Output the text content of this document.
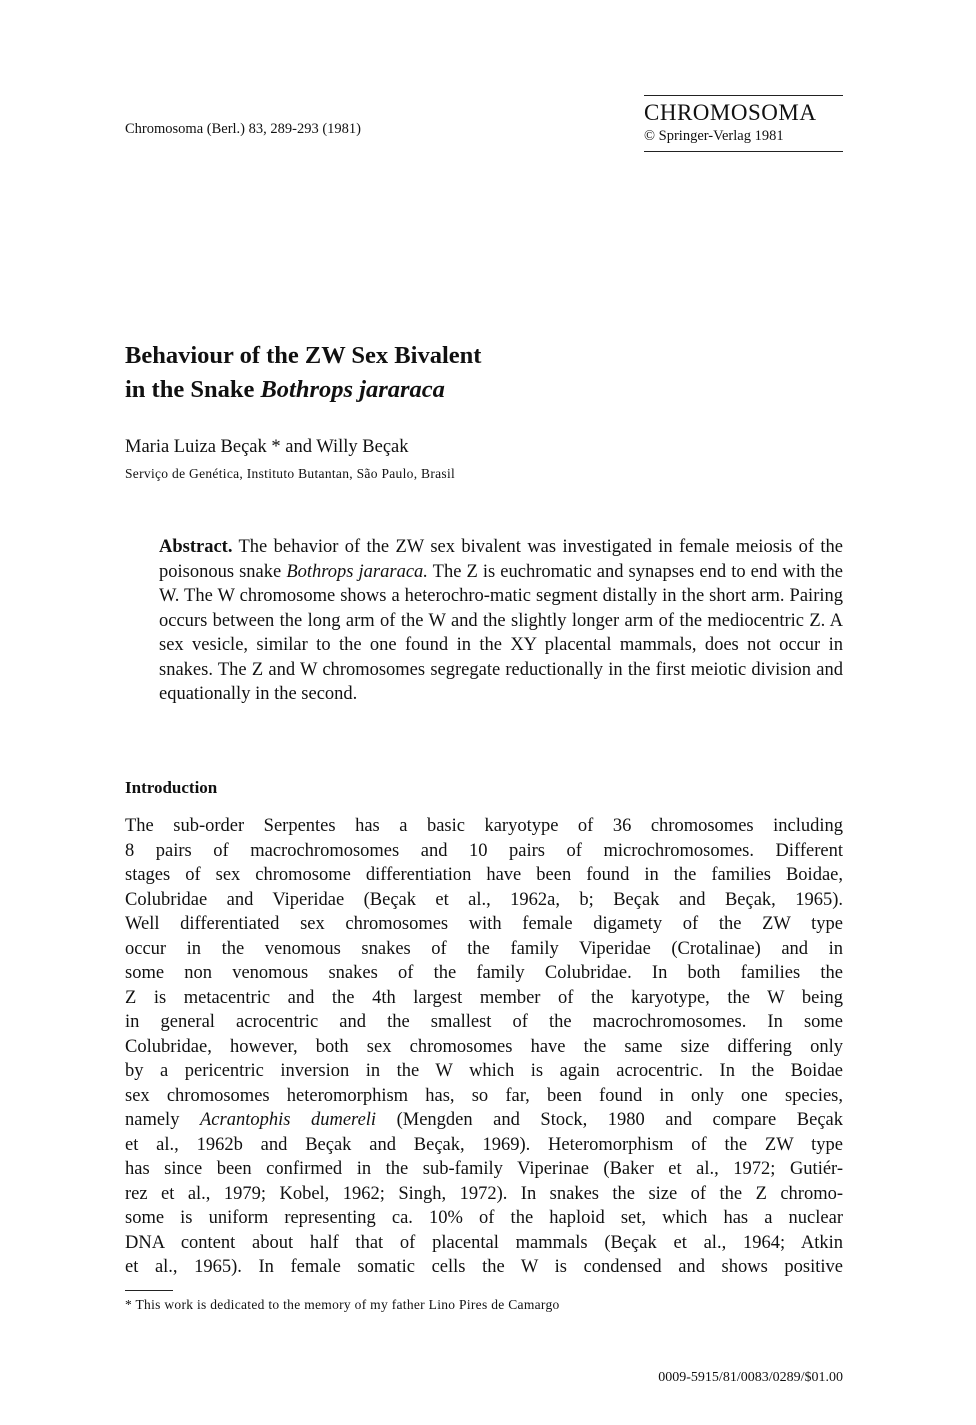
Chromosoma (Berl.) 83, 289-293 (1981)
CHROMOSOMA
© Springer-Verlag 1981
Behaviour of the ZW Sex Bivalent
in the Snake Bothrops jararaca
Maria Luiza Beçak * and Willy Beçak
Serviço de Genética, Instituto Butantan, São Paulo, Brasil
Abstract. The behavior of the ZW sex bivalent was investigated in female meiosis of the poisonous snake Bothrops jararaca. The Z is euchromatic and synapses end to end with the W. The W chromosome shows a heterochro-matic segment distally in the short arm. Pairing occurs between the long arm of the W and the slightly longer arm of the mediocentric Z. A sex vesicle, similar to the one found in the XY placental mammals, does not occur in snakes. The Z and W chromosomes segregate reductionally in the first meiotic division and equationally in the second.
Introduction
The sub-order Serpentes has a basic karyotype of 36 chromosomes including
8 pairs of macrochromosomes and 10 pairs of microchromosomes. Different
stages of sex chromosome differentiation have been found in the families Boidae,
Colubridae and Viperidae (Beçak et al., 1962a, b; Beçak and Beçak, 1965).
Well differentiated sex chromosomes with female digamety of the ZW type
occur in the venomous snakes of the family Viperidae (Crotalinae) and in
some non venomous snakes of the family Colubridae. In both families the
Z is metacentric and the 4th largest member of the karyotype, the W being
in general acrocentric and the smallest of the macrochromosomes. In some
Colubridae, however, both sex chromosomes have the same size differing only
by a pericentric inversion in the W which is again acrocentric. In the Boidae
sex chromosomes heteromorphism has, so far, been found in only one species,
namely Acrantophis dumereli (Mengden and Stock, 1980 and compare Beçak
et al., 1962b and Beçak and Beçak, 1969). Heteromorphism of the ZW type
has since been confirmed in the sub-family Viperinae (Baker et al., 1972; Gutiér-
rez et al., 1979; Kobel, 1962; Singh, 1972). In snakes the size of the Z chromo-
some is uniform representing ca. 10% of the haploid set, which has a nuclear
DNA content about half that of placental mammals (Beçak et al., 1964; Atkin
et al., 1965). In female somatic cells the W is condensed and shows positive
* This work is dedicated to the memory of my father Lino Pires de Camargo
0009-5915/81/0083/0289/$01.00
